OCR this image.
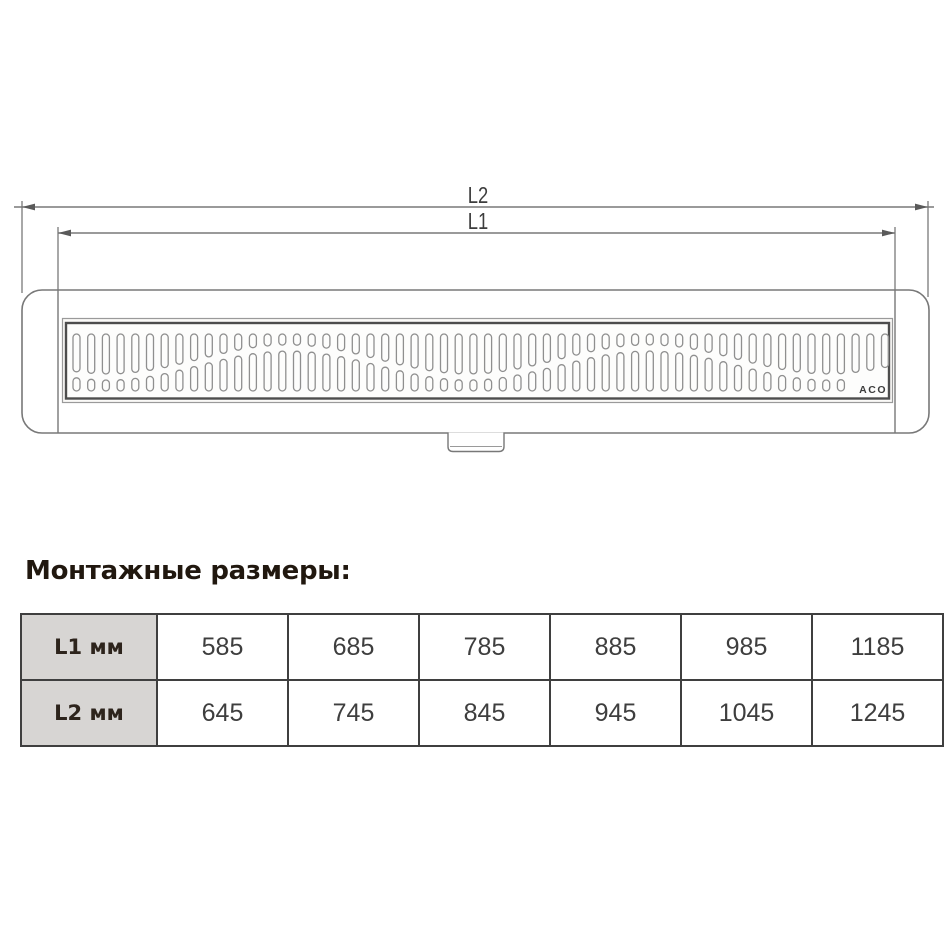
L2
L1
ACO
Монтажные размеры:
L1 мм	585	685	785	885	985	1185
L2 мм	645	745	845	945	1045	1245
